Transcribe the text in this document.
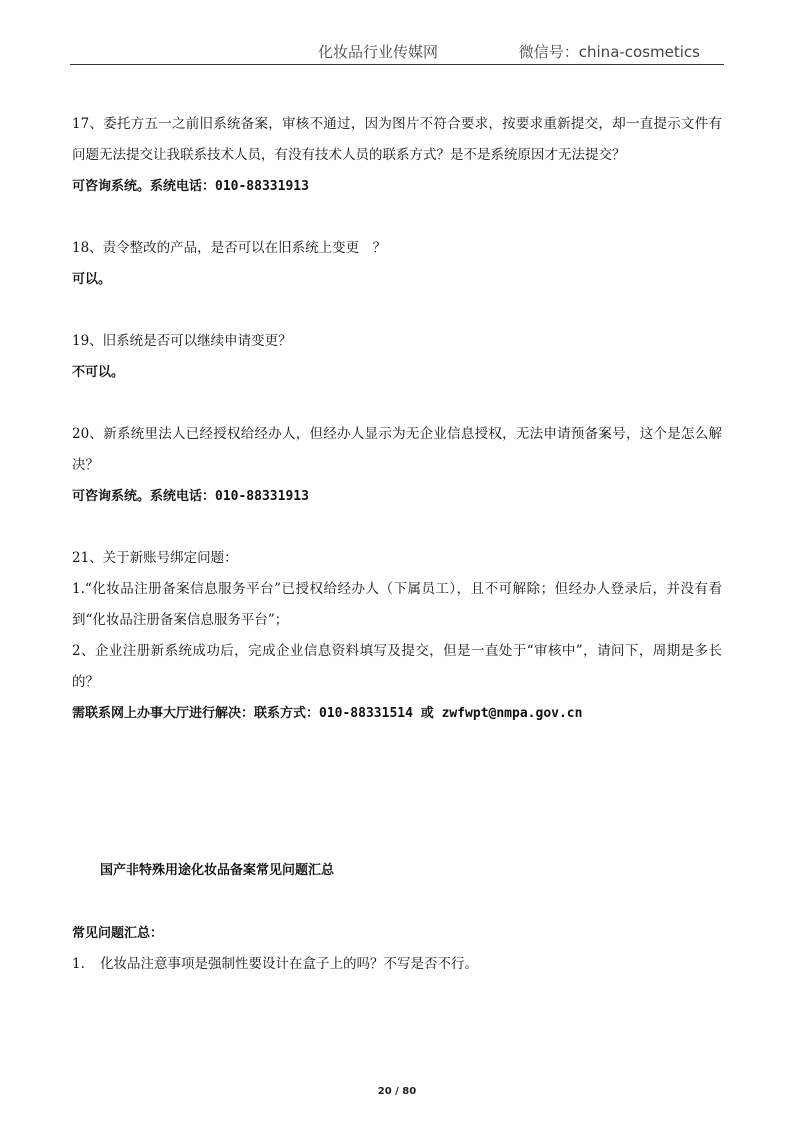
化妆品行业传媒网	微信号：china-cosmetics

17、委托方五一之前旧系统备案，审核不通过，因为图片不符合要求，按要求重新提交，却一直提示文件有问题无法提交让我联系技术人员，有没有技术人员的联系方式？是不是系统原因才无法提交？

可咨询系统。系统电话：010-88331913

18、责令整改的产品，是否可以在旧系统上变更　？

可以。

19、旧系统是否可以继续申请变更？

不可以。

20、新系统里法人已经授权给经办人，但经办人显示为无企业信息授权，无法申请预备案号，这个是怎么解决？

可咨询系统。系统电话：010-88331913

21、关于新账号绑定问题：

1.“化妆品注册备案信息服务平台”已授权给经办人（下属员工），且不可解除；但经办人登录后，并没有看到“化妆品注册备案信息服务平台”；

2、企业注册新系统成功后，完成企业信息资料填写及提交，但是一直处于“审核中”，请问下，周期是多长的？

需联系网上办事大厅进行解决：联系方式：010-88331514 或 zwfwpt@nmpa.gov.cn

国产非特殊用途化妆品备案常见问题汇总
常见问题汇总：
1. 化妆品注意事项是强制性要设计在盒子上的吗？不写是否不行。
20 / 80
